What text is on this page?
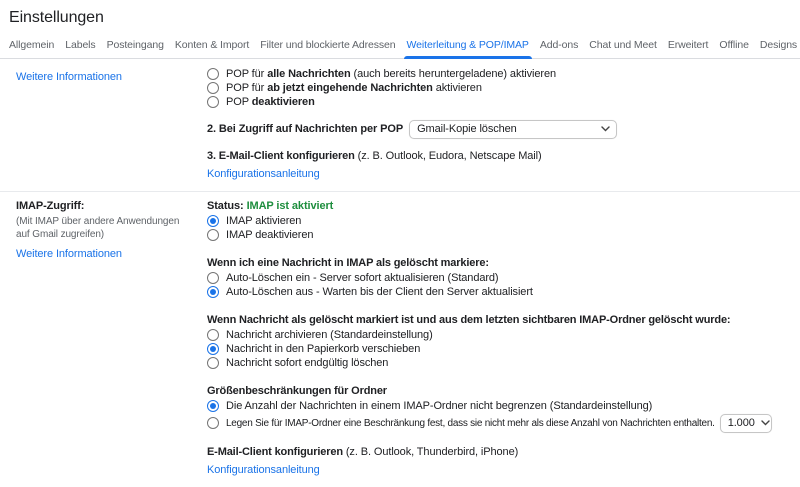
Einstellungen
Allgemein Labels Posteingang Konten & Import Filter und blockierte Adressen Weiterleitung & POP/IMAP Add-ons Chat und Meet Erweitert Offline Designs
Weitere Informationen	POP für alle Nachrichten (auch bereits heruntergeladene) aktivieren
POP für ab jetzt eingehende Nachrichten aktivieren
POP deaktivieren
2. Bei Zugriff auf Nachrichten per POP Gmail-Kopie löschen
3. E-Mail-Client konfigurieren (z. B. Outlook, Eudora, Netscape Mail)
Konfigurationsanleitung
IMAP-Zugriff:
(Mit IMAP über andere Anwendungen auf Gmail zugreifen)
Weitere Informationen
Status: IMAP ist aktiviert
IMAP aktivieren
IMAP deaktivieren
Wenn ich eine Nachricht in IMAP als gelöscht markiere:
Auto-Löschen ein - Server sofort aktualisieren (Standard)
Auto-Löschen aus - Warten bis der Client den Server aktualisiert
Wenn Nachricht als gelöscht markiert ist und aus dem letzten sichtbaren IMAP-Ordner gelöscht wurde:
Nachricht archivieren (Standardeinstellung)
Nachricht in den Papierkorb verschieben
Nachricht sofort endgültig löschen
Größenbeschränkungen für Ordner
Die Anzahl der Nachrichten in einem IMAP-Ordner nicht begrenzen (Standardeinstellung)
Legen Sie für IMAP-Ordner eine Beschränkung fest, dass sie nicht mehr als diese Anzahl von Nachrichten enthalten. 1.000
E-Mail-Client konfigurieren (z. B. Outlook, Thunderbird, iPhone)
Konfigurationsanleitung
